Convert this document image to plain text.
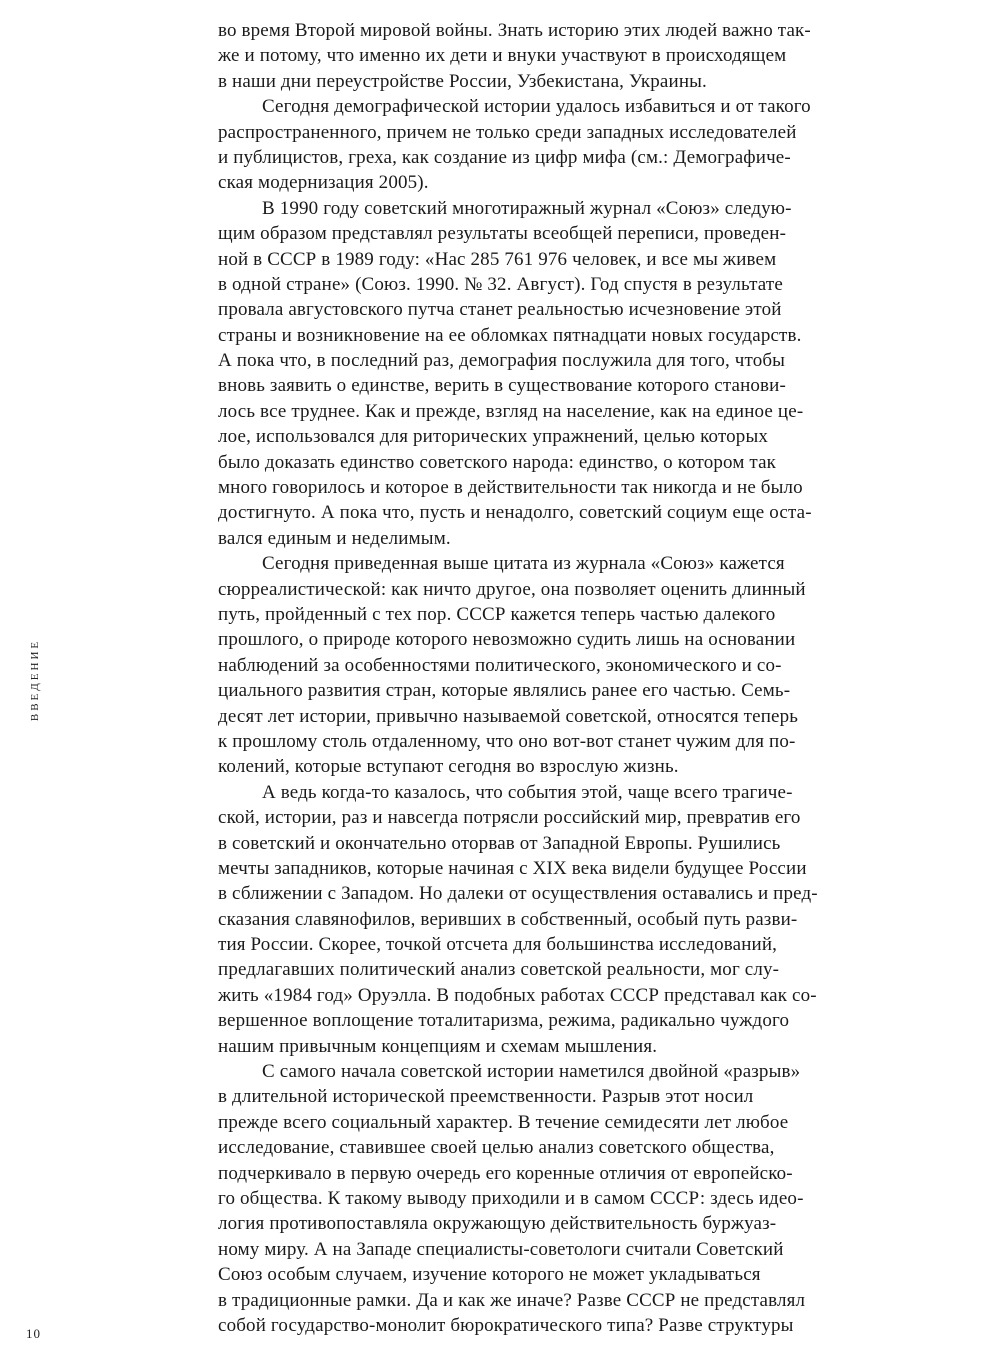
ВВЕДЕНИЕ
во время Второй мировой войны. Знать историю этих людей важно так-
же и потому, что именно их дети и внуки участвуют в происходящем
в наши дни переустройстве России, Узбекистана, Украины.
Сегодня демографической истории удалось избавиться и от такого
распространенного, причем не только среди западных исследователей
и публицистов, греха, как создание из цифр мифа (см.: Демографиче-
ская модернизация 2005).
В 1990 году советский многотиражный журнал «Союз» следую-
щим образом представлял результаты всеобщей переписи, проведен-
ной в СССР в 1989 году: «Нас 285 761 976 человек, и все мы живем
в одной стране» (Союз. 1990. № 32. Август). Год спустя в результате
провала августовского путча станет реальностью исчезновение этой
страны и возникновение на ее обломках пятнадцати новых государств.
А пока что, в последний раз, демография послужила для того, чтобы
вновь заявить о единстве, верить в существование которого станови-
лось все труднее. Как и прежде, взгляд на население, как на единое це-
лое, использовался для риторических упражнений, целью которых
было доказать единство советского народа: единство, о котором так
много говорилось и которое в действительности так никогда и не было
достигнуто. А пока что, пусть и ненадолго, советский социум еще оста-
вался единым и неделимым.
Сегодня приведенная выше цитата из журнала «Союз» кажется
сюрреалистической: как ничто другое, она позволяет оценить длинный
путь, пройденный с тех пор. СССР кажется теперь частью далекого
прошлого, о природе которого невозможно судить лишь на основании
наблюдений за особенностями политического, экономического и со-
циального развития стран, которые являлись ранее его частью. Семь-
десят лет истории, привычно называемой советской, относятся теперь
к прошлому столь отдаленному, что оно вот-вот станет чужим для по-
колений, которые вступают сегодня во взрослую жизнь.
А ведь когда-то казалось, что события этой, чаще всего трагиче-
ской, истории, раз и навсегда потрясли российский мир, превратив его
в советский и окончательно оторвав от Западной Европы. Рушились
мечты западников, которые начиная с XIX века видели будущее России
в сближении с Западом. Но далеки от осуществления оставались и пред-
сказания славянофилов, веривших в собственный, особый путь разви-
тия России. Скорее, точкой отсчета для большинства исследований,
предлагавших политический анализ советской реальности, мог слу-
жить «1984 год» Оруэлла. В подобных работах СССР представал как со-
вершенное воплощение тоталитаризма, режима, радикально чуждого
нашим привычным концепциям и схемам мышления.
С самого начала советской истории наметился двойной «разрыв»
в длительной исторической преемственности. Разрыв этот носил
прежде всего социальный характер. В течение семидесяти лет любое
исследование, ставившее своей целью анализ советского общества,
подчеркивало в первую очередь его коренные отличия от европейско-
го общества. К такому выводу приходили и в самом СССР: здесь идео-
логия противопоставляла окружающую действительность буржуаз-
ному миру. А на Западе специалисты-советологи считали Советский
Союз особым случаем, изучение которого не может укладываться
в традиционные рамки. Да и как же иначе? Разве СССР не представлял
собой государство-монолит бюрократического типа? Разве структуры
10
